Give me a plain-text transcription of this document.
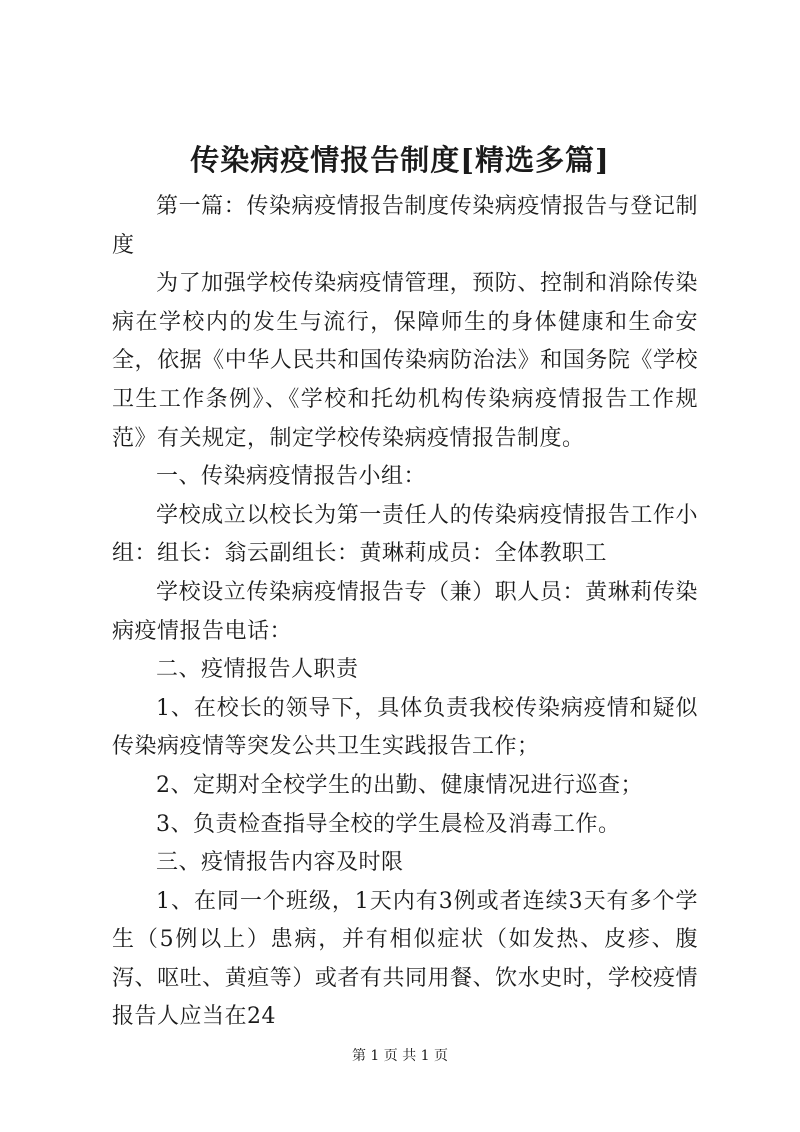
传染病疫情报告制度[精选多篇]

第一篇：传染病疫情报告制度传染病疫情报告与登记制度

为了加强学校传染病疫情管理，预防、控制和消除传染病在学校内的发生与流行，保障师生的身体健康和生命安全，依据《中华人民共和国传染病防治法》和国务院《学校卫生工作条例》、《学校和托幼机构传染病疫情报告工作规范》有关规定，制定学校传染病疫情报告制度。

一、传染病疫情报告小组：

学校成立以校长为第一责任人的传染病疫情报告工作小组：组长：翁云副组长：黄琳莉成员：全体教职工

学校设立传染病疫情报告专（兼）职人员：黄琳莉传染病疫情报告电话：

二、疫情报告人职责

1、在校长的领导下，具体负责我校传染病疫情和疑似传染病疫情等突发公共卫生实践报告工作；

2、定期对全校学生的出勤、健康情况进行巡查；

3、负责检查指导全校的学生晨检及消毒工作。

三、疫情报告内容及时限

1、在同一个班级，1天内有3例或者连续3天有多个学生（5例以上）患病，并有相似症状（如发热、皮疹、腹泻、呕吐、黄疸等）或者有共同用餐、饮水史时，学校疫情报告人应当在24

第 1 页 共 1 页
